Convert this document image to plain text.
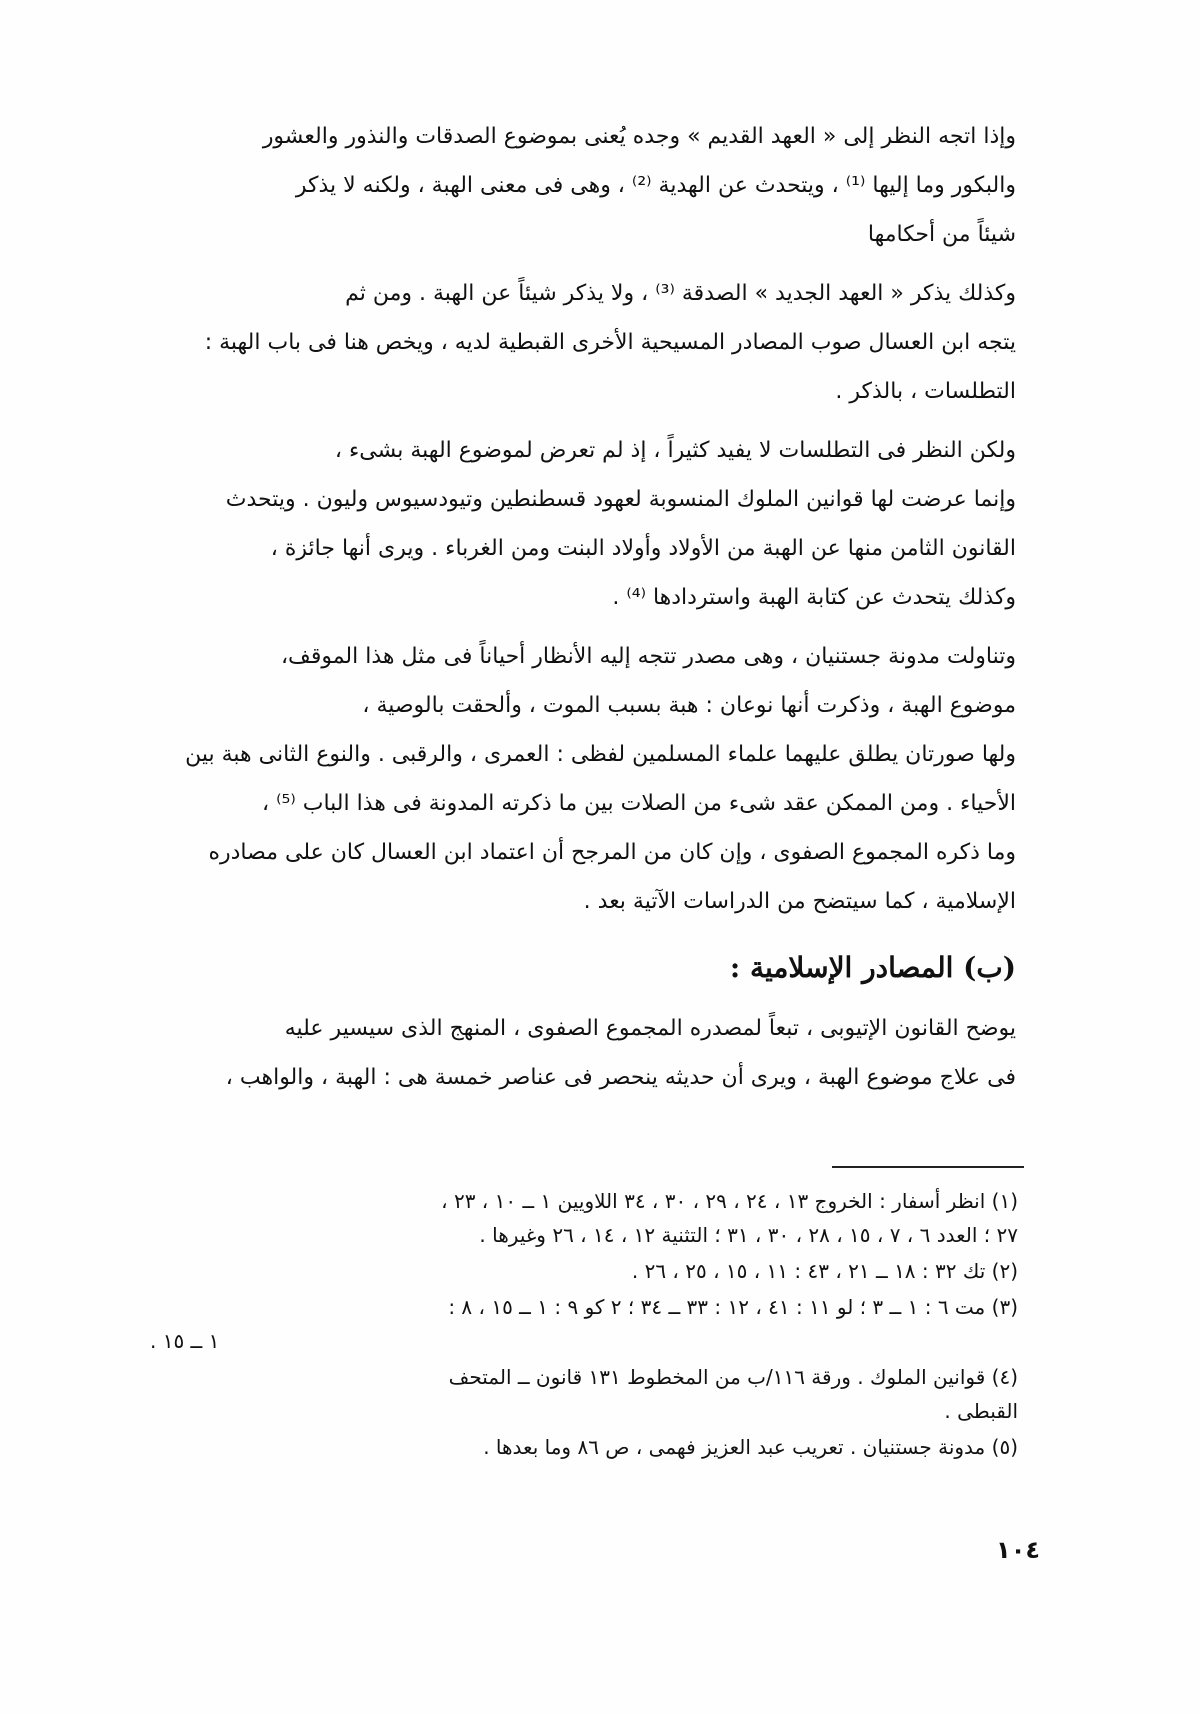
وإذا اتجه النظر إلى « العهد القديم » وجده يُعنى بموضوع الصدقات والنذور والعشور
والبكور وما إليها ⁽¹⁾ ، ويتحدث عن الهدية ⁽²⁾ ، وهى فى معنى الهبة ، ولكنه لا يذكر
شيئاً من أحكامها

وكذلك يذكر « العهد الجديد » الصدقة ⁽³⁾ ، ولا يذكر شيئاً عن الهبة . ومن ثم
يتجه ابن العسال صوب المصادر المسيحية الأخرى القبطية لديه ، ويخص هنا فى باب الهبة :
التطلسات ، بالذكر .

ولكن النظر فى التطلسات لا يفيد كثيراً ، إذ لم تعرض لموضوع الهبة بشىء ،
وإنما عرضت لها قوانين الملوك المنسوبة لعهود قسطنطين وتيودسيوس وليون . ويتحدث
القانون الثامن منها عن الهبة من الأولاد وأولاد البنت ومن الغرباء . ويرى أنها جائزة ،
وكذلك يتحدث عن كتابة الهبة واستردادها ⁽⁴⁾ .

وتناولت مدونة جستنيان ، وهى مصدر تتجه إليه الأنظار أحياناً فى مثل هذا الموقف،
موضوع الهبة ، وذكرت أنها نوعان : هبة بسبب الموت ، وألحقت بالوصية ،
ولها صورتان يطلق عليهما علماء المسلمين لفظى : العمرى ، والرقبى . والنوع الثانى هبة بين
الأحياء . ومن الممكن عقد شىء من الصلات بين ما ذكرته المدونة فى هذا الباب ⁽⁵⁾ ،
وما ذكره المجموع الصفوى ، وإن كان من المرجح أن اعتماد ابن العسال كان على مصادره
الإسلامية ، كما سيتضح من الدراسات الآتية بعد .

(ب) المصادر الإسلامية :

يوضح القانون الإتيوبى ، تبعاً لمصدره المجموع الصفوى ، المنهج الذى سيسير عليه
فى علاج موضوع الهبة ، ويرى أن حديثه ينحصر فى عناصر خمسة هى : الهبة ، والواهب ،

(١) انظر أسفار : الخروج ١٣ ، ٢٤ ، ٢٩ ، ٣٠ ، ٣٤ اللاويين ١ ــ ١٠ ، ٢٣ ،
٢٧ ؛ العدد ٦ ، ٧ ، ١٥ ، ٢٨ ، ٣٠ ، ٣١ ؛ التثنية ١٢ ، ١٤ ، ٢٦ وغيرها .
(٢) تك ٣٢ : ١٨ ــ ٢١ ، ٤٣ : ١١ ، ١٥ ، ٢٥ ، ٢٦ .
(٣) مت ٦ : ١ ــ ٣ ؛ لو ١١ : ٤١ ، ١٢ : ٣٣ ــ ٣٤ ؛ ٢ كو ٩ : ١ ــ ١٥ ، ٨ :
١ ــ ١٥ .
(٤) قوانين الملوك . ورقة ١١٦/ب من المخطوط ١٣١ قانون ــ المتحف
القبطى .
(٥) مدونة جستنيان . تعريب عبد العزيز فهمى ، ص ٨٦ وما بعدها .
١٠٤
